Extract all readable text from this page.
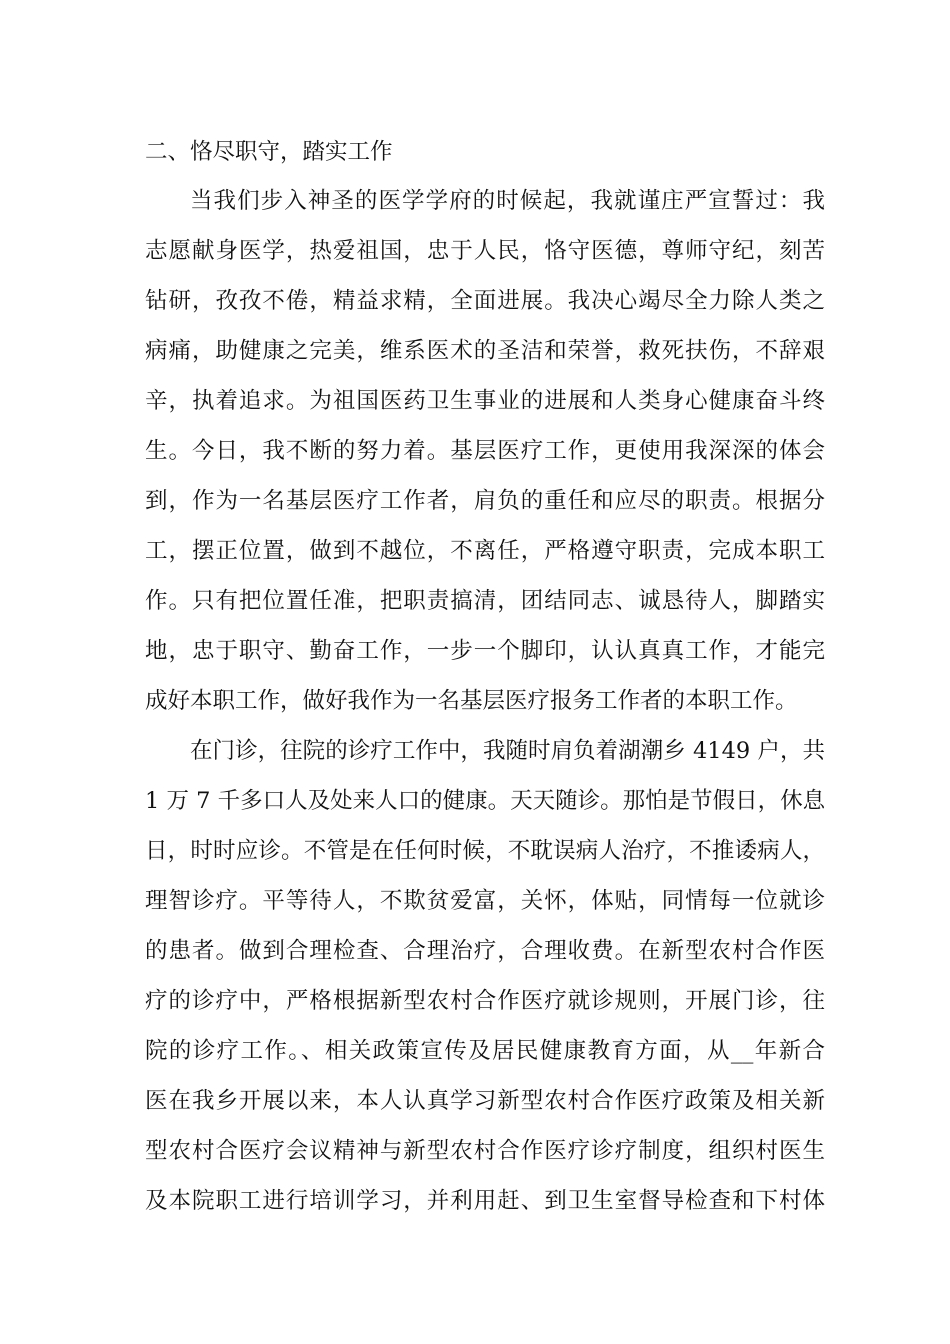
二、恪尽职守，踏实工作
当我们步入神圣的医学学府的时候起，我就谨庄严宣誓过：我
志愿献身医学，热爱祖国，忠于人民，恪守医德，尊师守纪，刻苦
钻研，孜孜不倦，精益求精，全面进展。我决心竭尽全力除人类之
病痛，助健康之完美，维系医术的圣洁和荣誉，救死扶伤，不辞艰
辛，执着追求。为祖国医药卫生事业的进展和人类身心健康奋斗终
生。今日，我不断的努力着。基层医疗工作，更使用我深深的体会
到，作为一名基层医疗工作者，肩负的重任和应尽的职责。根据分
工，摆正位置，做到不越位，不离任，严格遵守职责，完成本职工
作。只有把位置任准，把职责搞清，团结同志、诚恳待人，脚踏实
地，忠于职守、勤奋工作，一步一个脚印，认认真真工作，才能完
成好本职工作，做好我作为一名基层医疗报务工作者的本职工作。
在门诊，往院的诊疗工作中，我随时肩负着湖潮乡 4149 户，共
1 万 7 千多口人及处来人口的健康。天天随诊。那怕是节假日，休息
日，时时应诊。不管是在任何时候，不耽误病人治疗，不推诿病人，
理智诊疗。平等待人，不欺贫爱富，关怀，体贴，同情每一位就诊
的患者。做到合理检查、合理治疗，合理收费。在新型农村合作医
疗的诊疗中，严格根据新型农村合作医疗就诊规则，开展门诊，往
院的诊疗工作。、相关政策宣传及居民健康教育方面，从__年新合
医在我乡开展以来，本人认真学习新型农村合作医疗政策及相关新
型农村合医疗会议精神与新型农村合作医疗诊疗制度，组织村医生
及本院职工进行培训学习，并利用赶、到卫生室督导检查和下村体
